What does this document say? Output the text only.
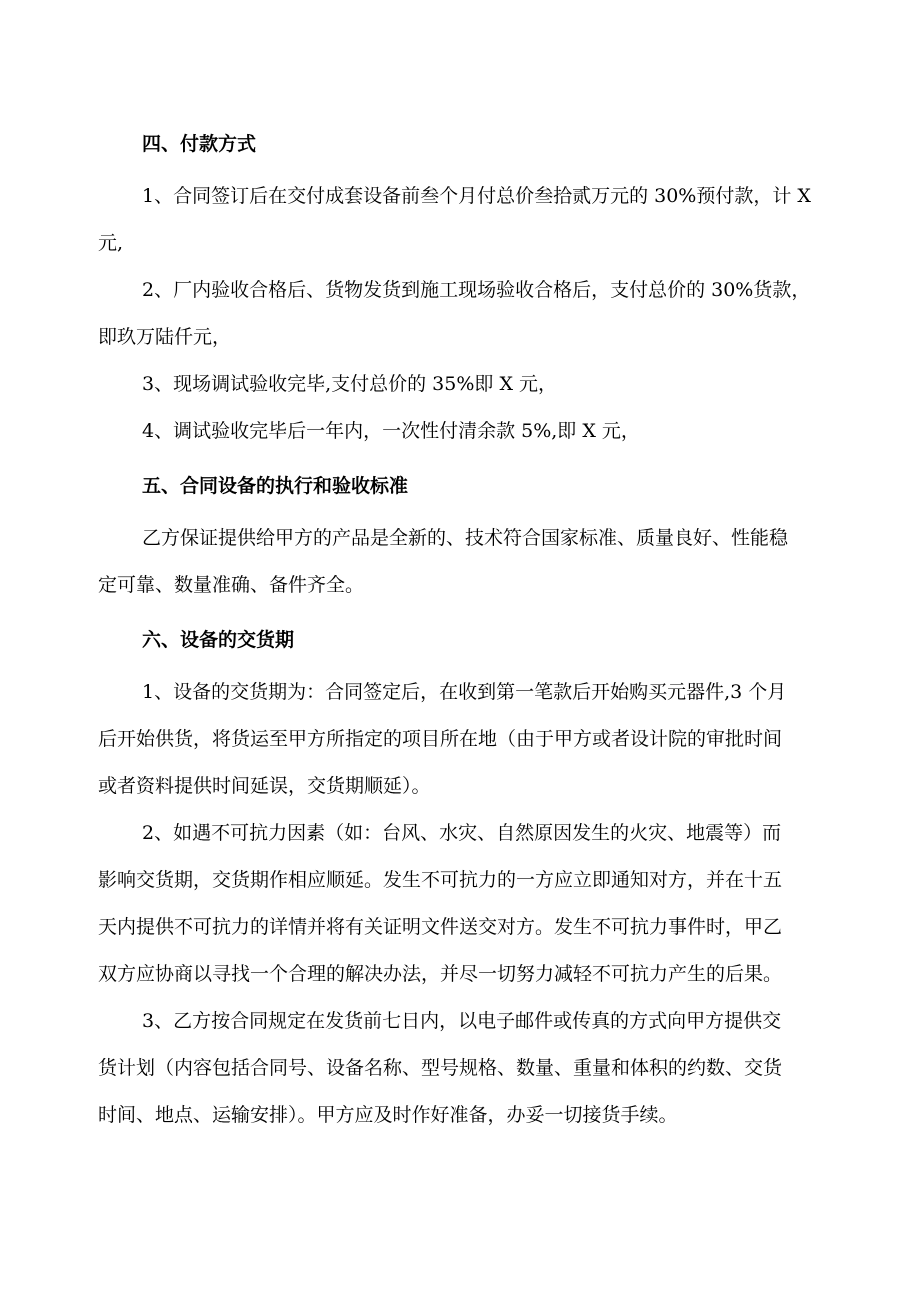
四、付款方式

1、合同签订后在交付成套设备前叁个月付总价叁拾贰万元的 30%预付款，计 X

元,

2、厂内验收合格后、货物发货到施工现场验收合格后，支付总价的 30%货款，

即玖万陆仟元，

3、现场调试验收完毕,支付总价的 35%即 X 元，

4、调试验收完毕后一年内，一次性付清余款 5%,即 X 元，

五、合同设备的执行和验收标准

乙方保证提供给甲方的产品是全新的、技术符合国家标准、质量良好、性能稳

定可靠、数量准确、备件齐全。

六、设备的交货期

1、设备的交货期为：合同签定后，在收到第一笔款后开始购买元器件,3 个月

后开始供货，将货运至甲方所指定的项目所在地（由于甲方或者设计院的审批时间

或者资料提供时间延误，交货期顺延）。

2、如遇不可抗力因素（如：台风、水灾、自然原因发生的火灾、地震等）而

影响交货期，交货期作相应顺延。发生不可抗力的一方应立即通知对方，并在十五

天内提供不可抗力的详情并将有关证明文件送交对方。发生不可抗力事件时，甲乙

双方应协商以寻找一个合理的解决办法，并尽一切努力减轻不可抗力产生的后果。

3、乙方按合同规定在发货前七日内，以电子邮件或传真的方式向甲方提供交

货计划（内容包括合同号、设备名称、型号规格、数量、重量和体积的约数、交货

时间、地点、运输安排）。甲方应及时作好准备，办妥一切接货手续。
